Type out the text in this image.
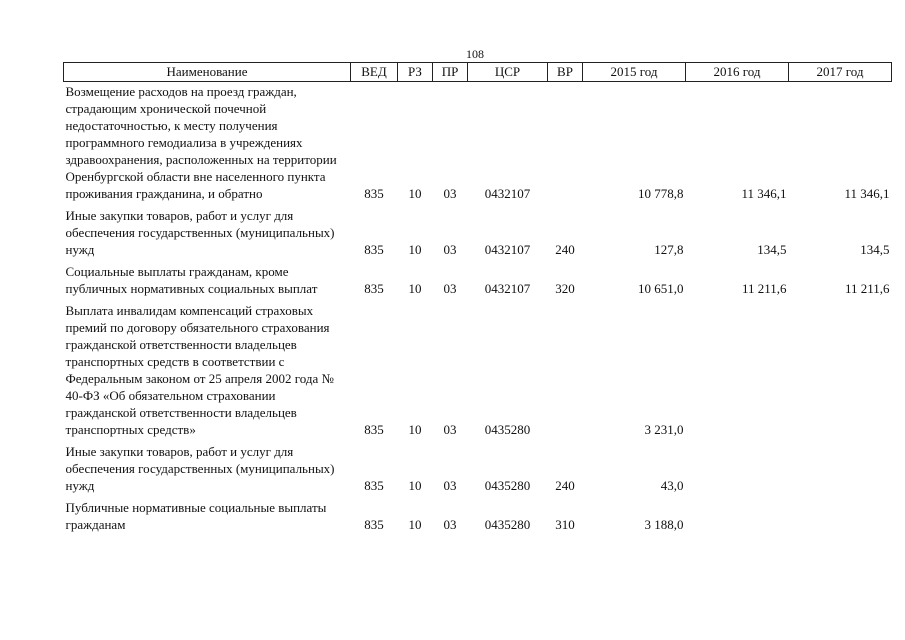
108
Наименование	ВЕД	РЗ	ПР	ЦСР	ВР	2015 год	2016 год	2017 год
Возмещение расходов на проезд граждан, страдающим хронической почечной недостаточностью, к месту получения программного гемодиализа в учреждениях здравоохранения, расположенных на территории Оренбургской области вне населенного пункта проживания гражданина, и обратно	835	10	03	0432107		10 778,8	11 346,1	11 346,1
Иные закупки товаров, работ и услуг для обеспечения государственных (муниципальных) нужд	835	10	03	0432107	240	127,8	134,5	134,5
Социальные выплаты гражданам, кроме публичных нормативных социальных выплат	835	10	03	0432107	320	10 651,0	11 211,6	11 211,6
Выплата инвалидам компенсаций страховых премий по договору обязательного страхования гражданской ответственности владельцев транспортных средств в соответствии с Федеральным законом от 25 апреля 2002 года № 40-ФЗ «Об обязательном страховании гражданской ответственности владельцев транспортных средств»	835	10	03	0435280		3 231,0		
Иные закупки товаров, работ и услуг для обеспечения государственных (муниципальных) нужд	835	10	03	0435280	240	43,0		
Публичные нормативные социальные выплаты гражданам	835	10	03	0435280	310	3 188,0		
